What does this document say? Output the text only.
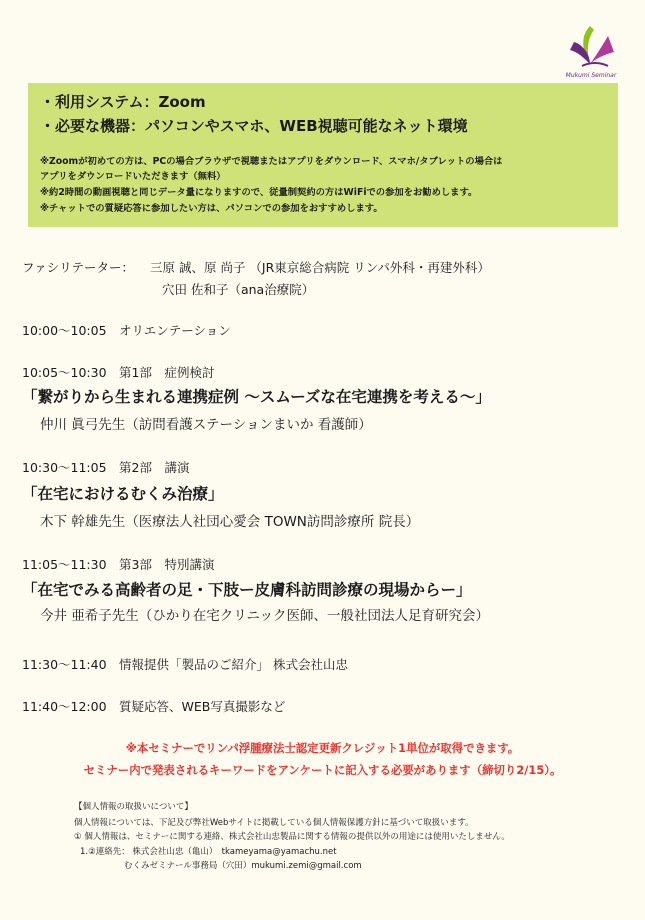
Mukumi Seminar
・利用システム：Zoom
・必要な機器：パソコンやスマホ、WEB視聴可能なネット環境
※Zoomが初めての方は、PCの場合ブラウザで視聴またはアプリをダウンロード、スマホ/タブレットの場合は
アプリをダウンロードいただきます（無料）
※約2時間の動画視聴と同じデータ量になりますので、従量制契約の方はWiFiでの参加をお勧めします。
※チャットでの質疑応答に参加したい方は、パソコンでの参加をおすすめします。
ファシリテーター： 三原 誠、原 尚子 （JR東京総合病院 リンパ外科・再建外科）
穴田 佐和子（ana治療院）
10:00～10:05　オリエンテーション
10:05～10:30　第1部　症例検討
「繋がりから生まれる連携症例 ～スムーズな在宅連携を考える～」
仲川 眞弓先生（訪問看護ステーションまいか 看護師）
10:30～11:05　第2部　講演
「在宅におけるむくみ治療」
木下 幹雄先生（医療法人社団心愛会 TOWN訪問診療所 院長）
11:05～11:30　第3部　特別講演
「在宅でみる高齢者の足・下肢ー皮膚科訪問診療の現場からー」
今井 亜希子先生（ひかり在宅クリニック医師、一般社団法人足育研究会）
11:30～11:40　情報提供「製品のご紹介」 株式会社山忠
11:40～12:00　質疑応答、WEB写真撮影など
※本セミナーでリンパ浮腫療法士認定更新クレジット1単位が取得できます。
セミナー内で発表されるキーワードをアンケートに記入する必要があります（締切り2/15）。
【個人情報の取扱いについて】
個人情報については、下記及び弊社Webサイトに掲載している個人情報保護方針に基づいて取扱います。
① 個人情報は、セミナーに関する連絡、株式会社山忠製品に関する情報の提供以外の用途には使用いたしません。
1.②連絡先： 株式会社山忠（亀山）　tkameyama@yamachu.net
むくみゼミナール事務局（穴田）mukumi.zemi@gmail.com
